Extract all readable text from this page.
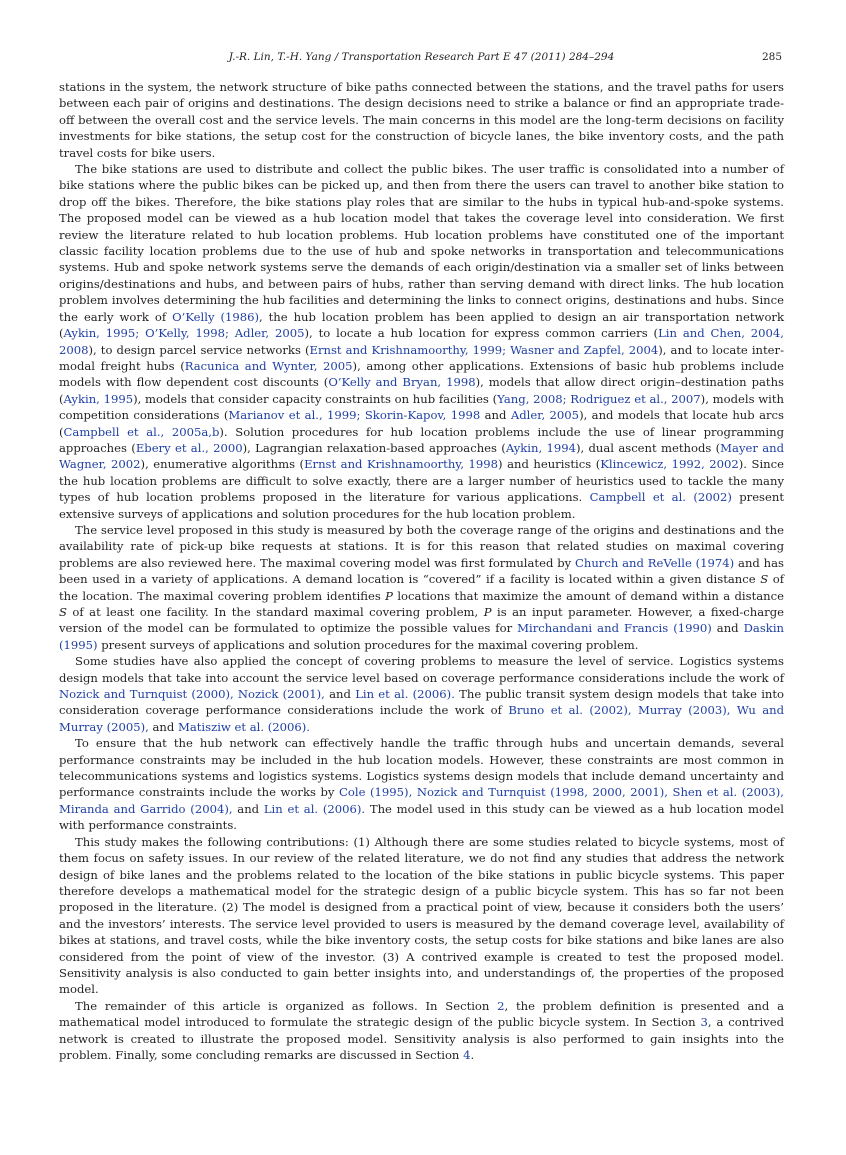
J.-R. Lin, T.-H. Yang / Transportation Research Part E 47 (2011) 284–294	285

stations in the system, the network structure of bike paths connected between the stations, and the travel paths for users between each pair of origins and destinations. The design decisions need to strike a balance or find an appropriate trade-off between the overall cost and the service levels. The main concerns in this model are the long-term decisions on facility investments for bike stations, the setup cost for the construction of bicycle lanes, the bike inventory costs, and the path travel costs for bike users.

The bike stations are used to distribute and collect the public bikes. The user traffic is consolidated into a number of bike stations where the public bikes can be picked up, and then from there the users can travel to another bike station to drop off the bikes. Therefore, the bike stations play roles that are similar to the hubs in typical hub-and-spoke systems. The proposed model can be viewed as a hub location model that takes the coverage level into consideration. We first review the literature related to hub location problems. Hub location problems have constituted one of the important classic facility location problems due to the use of hub and spoke networks in transportation and telecommunications systems. Hub and spoke network systems serve the demands of each origin/destination via a smaller set of links between origins/destinations and hubs, and between pairs of hubs, rather than serving demand with direct links. The hub location problem involves determining the hub facilities and determining the links to connect origins, destinations and hubs. Since the early work of O’Kelly (1986), the hub location problem has been applied to design an air transportation network (Aykin, 1995; O’Kelly, 1998; Adler, 2005), to locate a hub location for express common carriers (Lin and Chen, 2004, 2008), to design parcel service networks (Ernst and Krishnamoorthy, 1999; Wasner and Zapfel, 2004), and to locate inter-modal freight hubs (Racunica and Wynter, 2005), among other applications. Extensions of basic hub problems include models with flow dependent cost discounts (O’Kelly and Bryan, 1998), models that allow direct origin–destination paths (Aykin, 1995), models that consider capacity constraints on hub facilities (Yang, 2008; Rodriguez et al., 2007), models with competition considerations (Marianov et al., 1999; Skorin-Kapov, 1998 and Adler, 2005), and models that locate hub arcs (Campbell et al., 2005a,b). Solution procedures for hub location problems include the use of linear programming approaches (Ebery et al., 2000), Lagrangian relaxation-based approaches (Aykin, 1994), dual ascent methods (Mayer and Wagner, 2002), enumerative algorithms (Ernst and Krishnamoorthy, 1998) and heuristics (Klincewicz, 1992, 2002). Since the hub location problems are difficult to solve exactly, there are a larger number of heuristics used to tackle the many types of hub location problems proposed in the literature for various applications. Campbell et al. (2002) present extensive surveys of applications and solution procedures for the hub location problem.

The service level proposed in this study is measured by both the coverage range of the origins and destinations and the availability rate of pick-up bike requests at stations. It is for this reason that related studies on maximal covering problems are also reviewed here. The maximal covering model was first formulated by Church and ReVelle (1974) and has been used in a variety of applications. A demand location is “covered” if a facility is located within a given distance S of the location. The maximal covering problem identifies P locations that maximize the amount of demand within a distance S of at least one facility. In the standard maximal covering problem, P is an input parameter. However, a fixed-charge version of the model can be formulated to optimize the possible values for Mirchandani and Francis (1990) and Daskin (1995) present surveys of applications and solution procedures for the maximal covering problem.

Some studies have also applied the concept of covering problems to measure the level of service. Logistics systems design models that take into account the service level based on coverage performance considerations include the work of Nozick and Turnquist (2000), Nozick (2001), and Lin et al. (2006). The public transit system design models that take into consideration coverage performance considerations include the work of Bruno et al. (2002), Murray (2003), Wu and Murray (2005), and Matisziw et al. (2006).

To ensure that the hub network can effectively handle the traffic through hubs and uncertain demands, several performance constraints may be included in the hub location models. However, these constraints are most common in telecommunications systems and logistics systems. Logistics systems design models that include demand uncertainty and performance constraints include the works by Cole (1995), Nozick and Turnquist (1998, 2000, 2001), Shen et al. (2003), Miranda and Garrido (2004), and Lin et al. (2006). The model used in this study can be viewed as a hub location model with performance constraints.

This study makes the following contributions: (1) Although there are some studies related to bicycle systems, most of them focus on safety issues. In our review of the related literature, we do not find any studies that address the network design of bike lanes and the problems related to the location of the bike stations in public bicycle systems. This paper therefore develops a mathematical model for the strategic design of a public bicycle system. This has so far not been proposed in the literature. (2) The model is designed from a practical point of view, because it considers both the users’ and the investors’ interests. The service level provided to users is measured by the demand coverage level, availability of bikes at stations, and travel costs, while the bike inventory costs, the setup costs for bike stations and bike lanes are also considered from the point of view of the investor. (3) A contrived example is created to test the proposed model. Sensitivity analysis is also conducted to gain better insights into, and understandings of, the properties of the proposed model.

The remainder of this article is organized as follows. In Section 2, the problem definition is presented and a mathematical model introduced to formulate the strategic design of the public bicycle system. In Section 3, a contrived network is created to illustrate the proposed model. Sensitivity analysis is also performed to gain insights into the problem. Finally, some concluding remarks are discussed in Section 4.
